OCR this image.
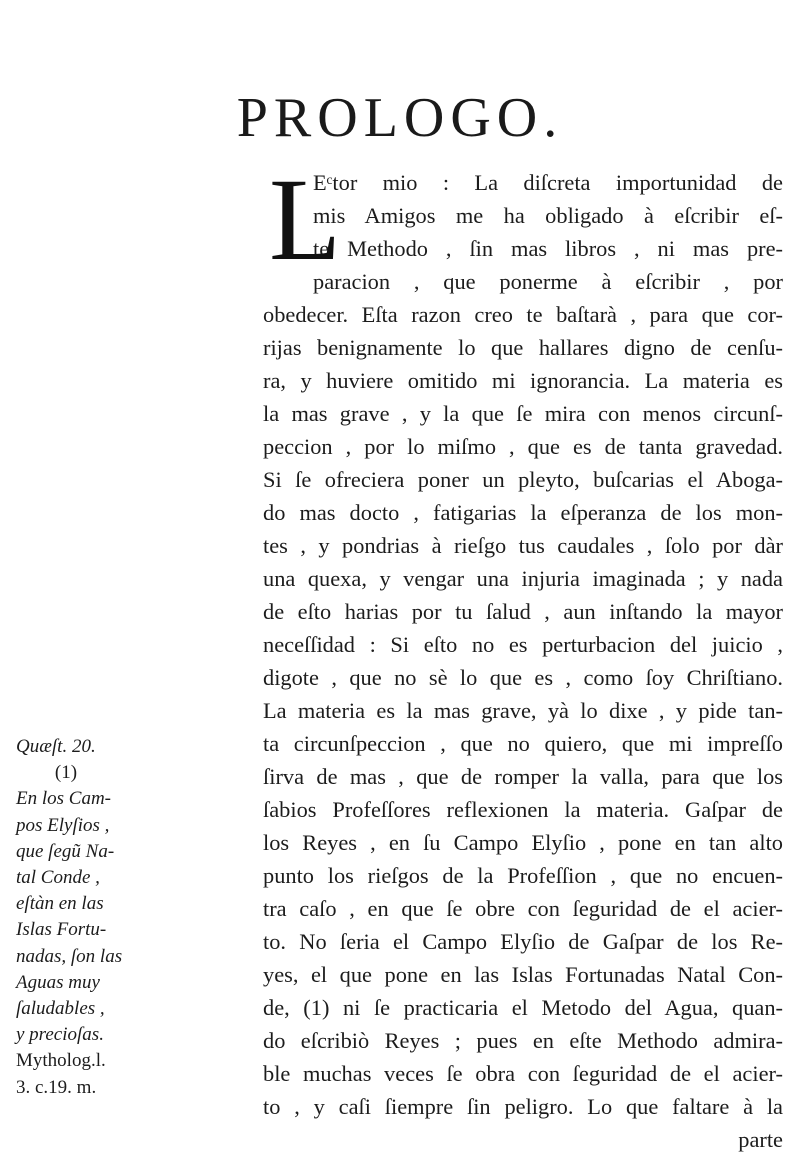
PROLOGO.
L
Eᶜtor mio : La diſcreta importunidad de
mis Amigos me ha obligado à eſcribir eſ-
te Methodo , ſin mas libros , ni mas pre-
paracion , que ponerme à eſcribir , por
obedecer. Eſta razon creo te baſtarà , para que cor-
rijas benignamente lo que hallares digno de cenſu-
ra, y huviere omitido mi ignorancia. La materia es
la mas grave , y la que ſe mira con menos circunſ-
peccion , por lo miſmo , que es de tanta gravedad.
Si ſe ofreciera poner un pleyto, buſcarias el Aboga-
do mas docto , fatigarias la eſperanza de los mon-
tes , y pondrias à rieſgo tus caudales , ſolo por dàr
una quexa, y vengar una injuria imaginada ; y nada
de eſto harias por tu ſalud , aun inſtando la mayor
neceſſidad : Si eſto no es perturbacion del juicio ,
digote , que no sè lo que es , como ſoy Chriſtiano.
La materia es la mas grave, yà lo dixe , y pide tan-
ta circunſpeccion , que no quiero, que mi impreſſo
ſirva de mas , que de romper la valla, para que los
ſabios Profeſſores reflexionen la materia. Gaſpar de
los Reyes , en ſu Campo Elyſio , pone en tan alto
punto los rieſgos de la Profeſſion , que no encuen-
tra caſo , en que ſe obre con ſeguridad de el acier-
to. No ſeria el Campo Elyſio de Gaſpar de los Re-
yes, el que pone en las Islas Fortunadas Natal Con-
de, (1) ni ſe practicaria el Metodo del Agua, quan-
do eſcribiò Reyes ; pues en eſte Methodo admira-
ble muchas veces ſe obra con ſeguridad de el acier-
to , y caſi ſiempre ſin peligro. Lo que faltare à la
parte
Quæſt. 20.
(1)
En los Cam-
pos Elyſios ,
que ſegũ Na-
tal Conde ,
eſtàn en las
Islas Fortu-
nadas, ſon las
Aguas muy
ſaludables ,
y precioſas.
Mytholog.l.
3. c.19. m.
